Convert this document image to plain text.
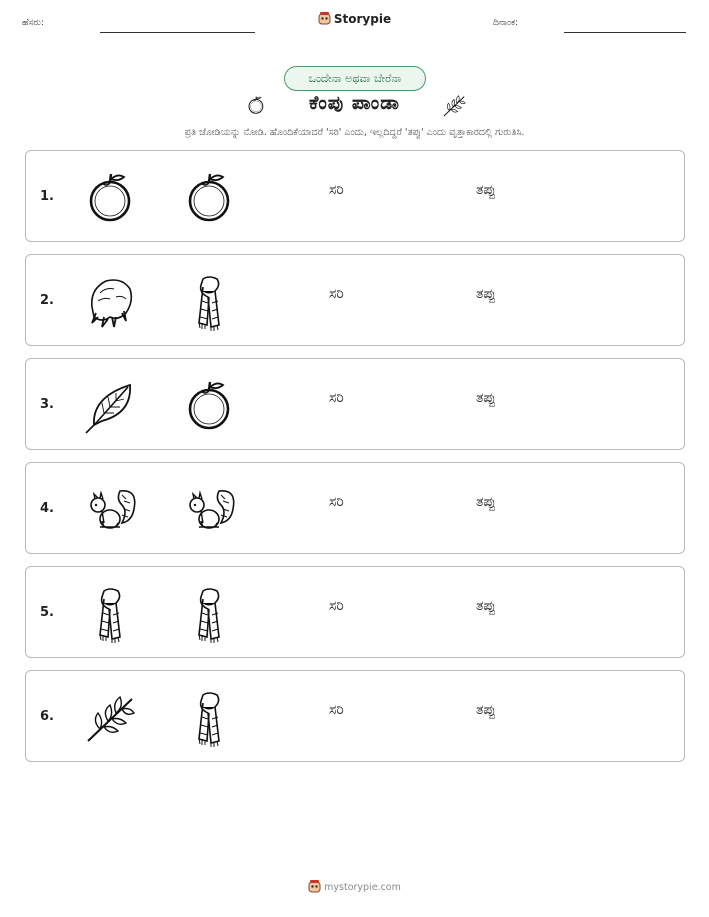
ಹೆಸರು:	Storypie	ದಿನಾಂಕ:
ಒಂದೇನಾ ಅಥವಾ ಬೇರೆನಾ
ಕೆಂಪು ಪಾಂಡಾ
ಪ್ರತಿ ಜೋಡಿಯನ್ನು ನೋಡಿ. ಹೊಂದಿಕೆಯಾದರೆ 'ಸರಿ' ಎಂದು, ಇಲ್ಲದಿದ್ದರೆ 'ತಪ್ಪು' ಎಂದು ವೃತ್ತಾಕಾರದಲ್ಲಿ ಗುರುತಿಸಿ.
1.	ಸರಿ	ತಪ್ಪು
2.	ಸರಿ	ತಪ್ಪು
3.	ಸರಿ	ತಪ್ಪು
4.	ಸರಿ	ತಪ್ಪು
5.	ಸರಿ	ತಪ್ಪು
6.	ಸರಿ	ತಪ್ಪು
mystorypie.com
